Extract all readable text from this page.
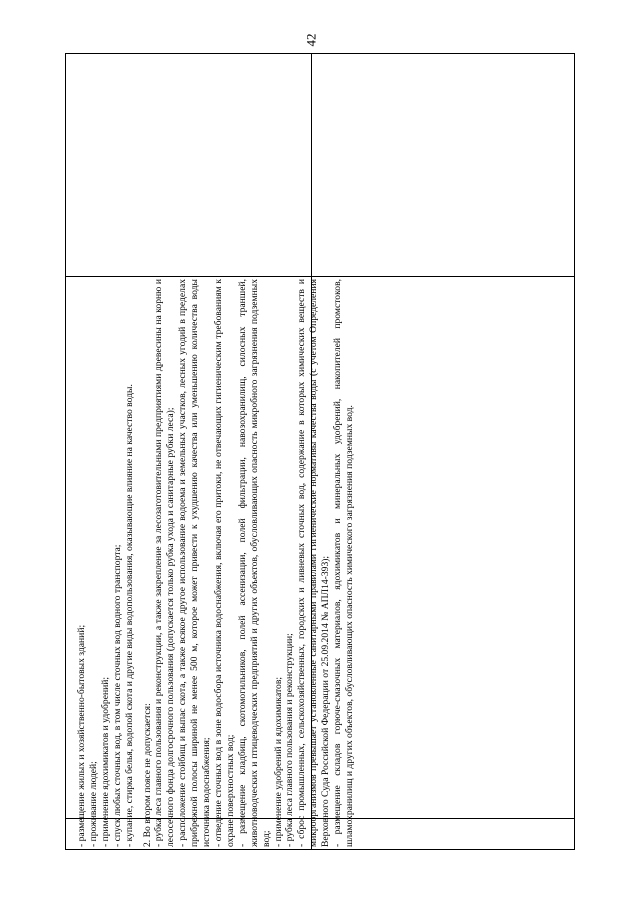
42

- размещение жилых и хозяйственно-бытовых зданий; - проживание людей; - применение ядохимикатов и удобрений; - спуск любых сточных вод, в том числе сточных вод водного транспорта; - купание, стирка белья, водопой скота и другие виды водопользования, оказывающие влияние на качество воды. 2. Во втором поясе не допускается: - рубка леса главного пользования и реконструкции, а также закрепление за лесозаготовительными предприятиями древесины на корню и лесосечного фонда долгосрочного пользования (допускается только рубка ухода и санитарные рубки леса); - расположение стойбищ и выпас скота, а также всякое другое использование водоема и земельных участков, лесных угодий в пределах прибрежной полосы шириной не менее 500 м, которое может привести к ухудшению качества или уменьшению количества воды источника водоснабжения; - отведение сточных вод в зоне водосбора источника водоснабжения, включая его притоки, не отвечающих гигиеническим требованиям к охране поверхностных вод; - размещение кладбищ, скотомогильников, полей ассенизации, полей фильтрации, навозохранилищ, силосных траншей, животноводческих и птицеводческих предприятий и других объектов, обусловливающих опасность микробного загрязнения подземных вод; - применение удобрений и ядохимикатов; - рубка леса главного пользования и реконструкции; - сброс промышленных, сельскохозяйственных, городских и ливневых сточных вод, содержание в которых химических веществ и микроорганизмов превышает установленные санитарными правилами гигиенические нормативы качества воды (с учетом Определения Верховного Суда Российской Федерации от 25.09.2014 № АПЛ14-393); - размещение складов горюче-смазочных материалов, ядохимикатов и минеральных удобрений, накопителей промстоков, шламохранилищ и других объектов, обусловливающих опасность химического загрязнения подземных вод.
